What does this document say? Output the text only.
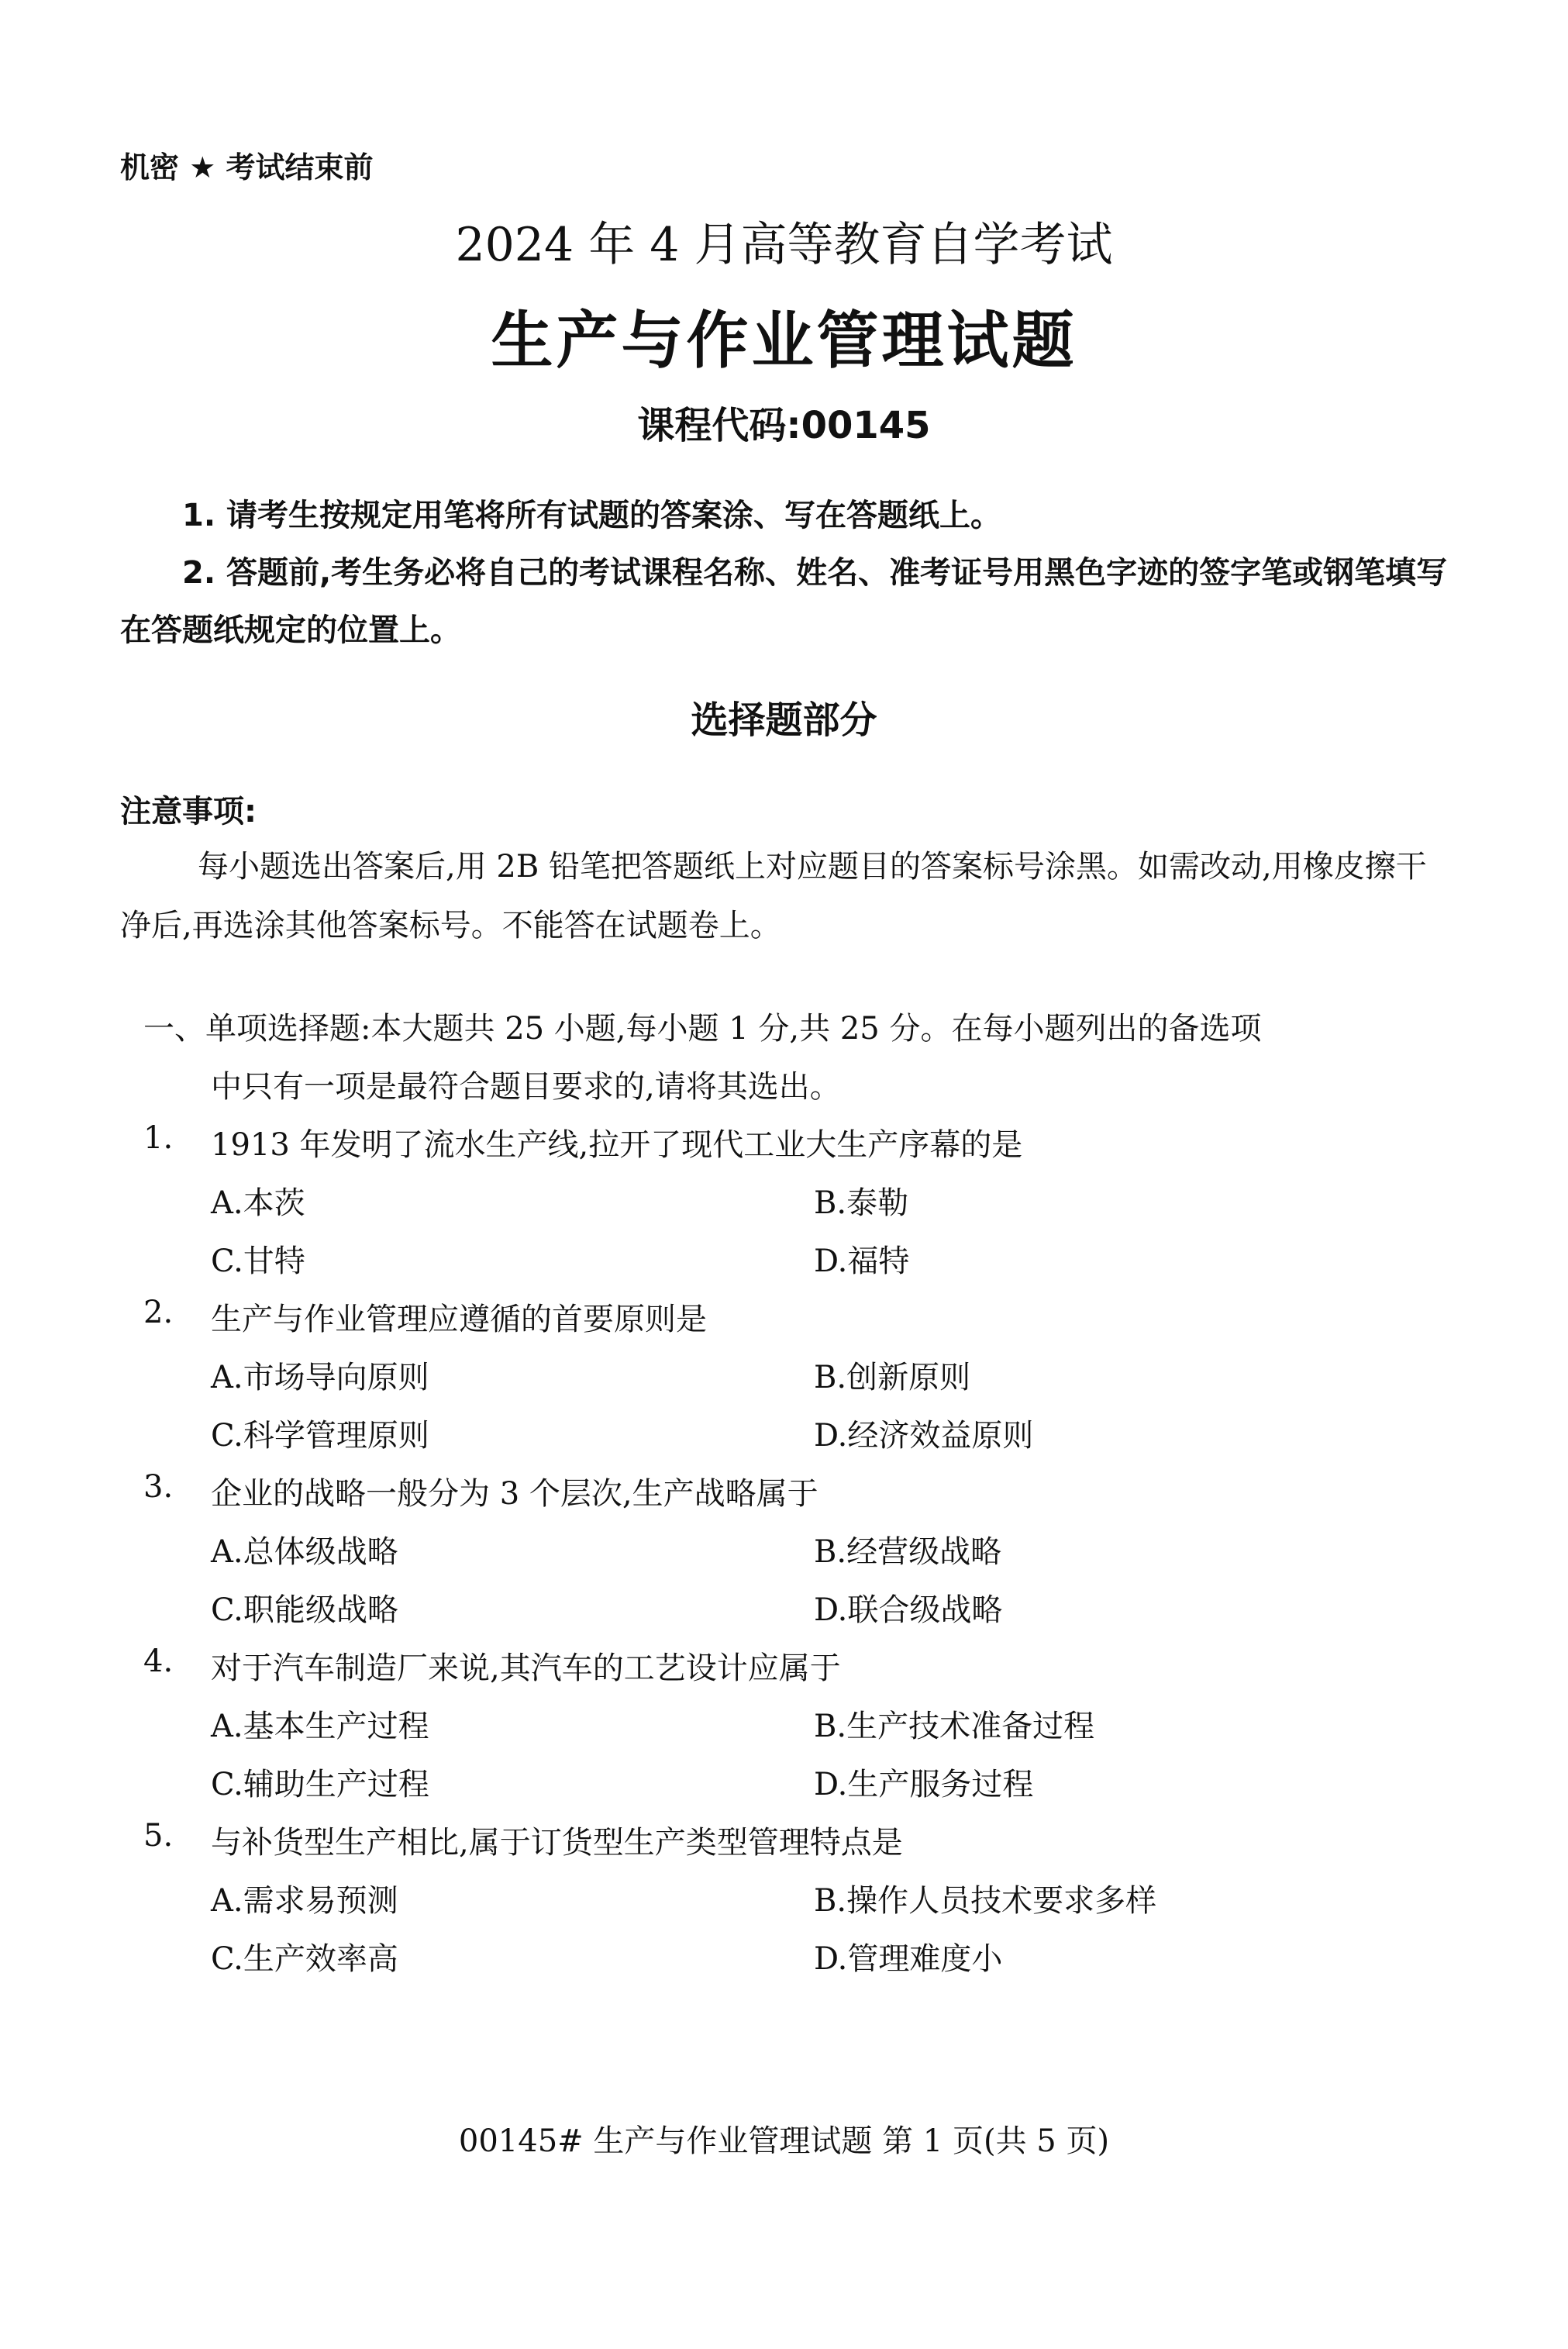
机密 ★ 考试结束前
2024 年 4 月高等教育自学考试
生产与作业管理试题
课程代码:00145
1. 请考生按规定用笔将所有试题的答案涂、写在答题纸上。
2. 答题前,考生务必将自己的考试课程名称、姓名、准考证号用黑色字迹的签字笔或钢笔填写在答题纸规定的位置上。
选择题部分
注意事项:
每小题选出答案后,用 2B 铅笔把答题纸上对应题目的答案标号涂黑。如需改动,用橡皮擦干净后,再选涂其他答案标号。不能答在试题卷上。
一、单项选择题:本大题共 25 小题,每小题 1 分,共 25 分。在每小题列出的备选项
中只有一项是最符合题目要求的,请将其选出。
1. 1913 年发明了流水生产线,拉开了现代工业大生产序幕的是
A.本茨	B.泰勒
C.甘特	D.福特
2. 生产与作业管理应遵循的首要原则是
A.市场导向原则	B.创新原则
C.科学管理原则	D.经济效益原则
3. 企业的战略一般分为 3 个层次,生产战略属于
A.总体级战略	B.经营级战略
C.职能级战略	D.联合级战略
4. 对于汽车制造厂来说,其汽车的工艺设计应属于
A.基本生产过程	B.生产技术准备过程
C.辅助生产过程	D.生产服务过程
5. 与补货型生产相比,属于订货型生产类型管理特点是
A.需求易预测	B.操作人员技术要求多样
C.生产效率高	D.管理难度小
00145# 生产与作业管理试题 第 1 页(共 5 页)
